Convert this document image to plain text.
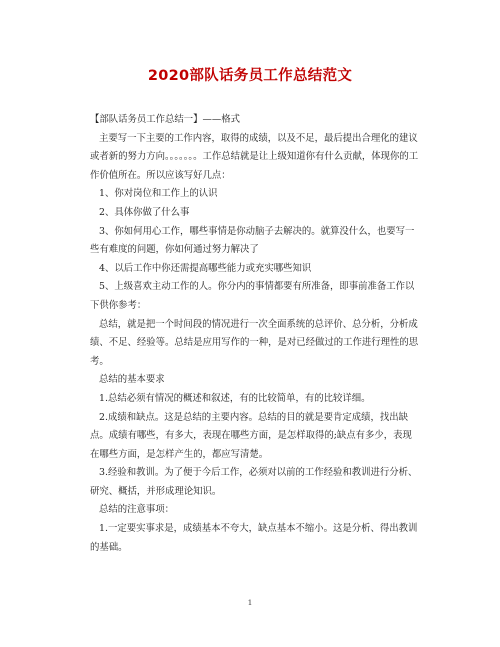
2020部队话务员工作总结范文

【部队话务员工作总结一】——格式

主要写一下主要的工作内容，取得的成绩，以及不足，最后提出合理化的建议或者新的努力方向。。。。。。。工作总结就是让上级知道你有什么贡献，体现你的工作价值所在。所以应该写好几点：

1、你对岗位和工作上的认识

2、具体你做了什么事

3、你如何用心工作，哪些事情是你动脑子去解决的。就算没什么，也要写一些有难度的问题，你如何通过努力解决了

4、以后工作中你还需提高哪些能力或充实哪些知识

5、上级喜欢主动工作的人。你分内的事情都要有所准备，即事前准备工作以下供你参考：

总结，就是把一个时间段的情况进行一次全面系统的总评价、总分析，分析成绩、不足、经验等。总结是应用写作的一种，是对已经做过的工作进行理性的思考。

总结的基本要求

1.总结必须有情况的概述和叙述，有的比较简单，有的比较详细。

2.成绩和缺点。这是总结的主要内容。总结的目的就是要肯定成绩，找出缺点。成绩有哪些，有多大，表现在哪些方面，是怎样取得的;缺点有多少，表现在哪些方面，是怎样产生的，都应写清楚。

3.经验和教训。为了便于今后工作，必须对以前的工作经验和教训进行分析、研究、概括，并形成理论知识。

总结的注意事项：

1.一定要实事求是，成绩基本不夸大，缺点基本不缩小。这是分析、得出教训的基础。

1
